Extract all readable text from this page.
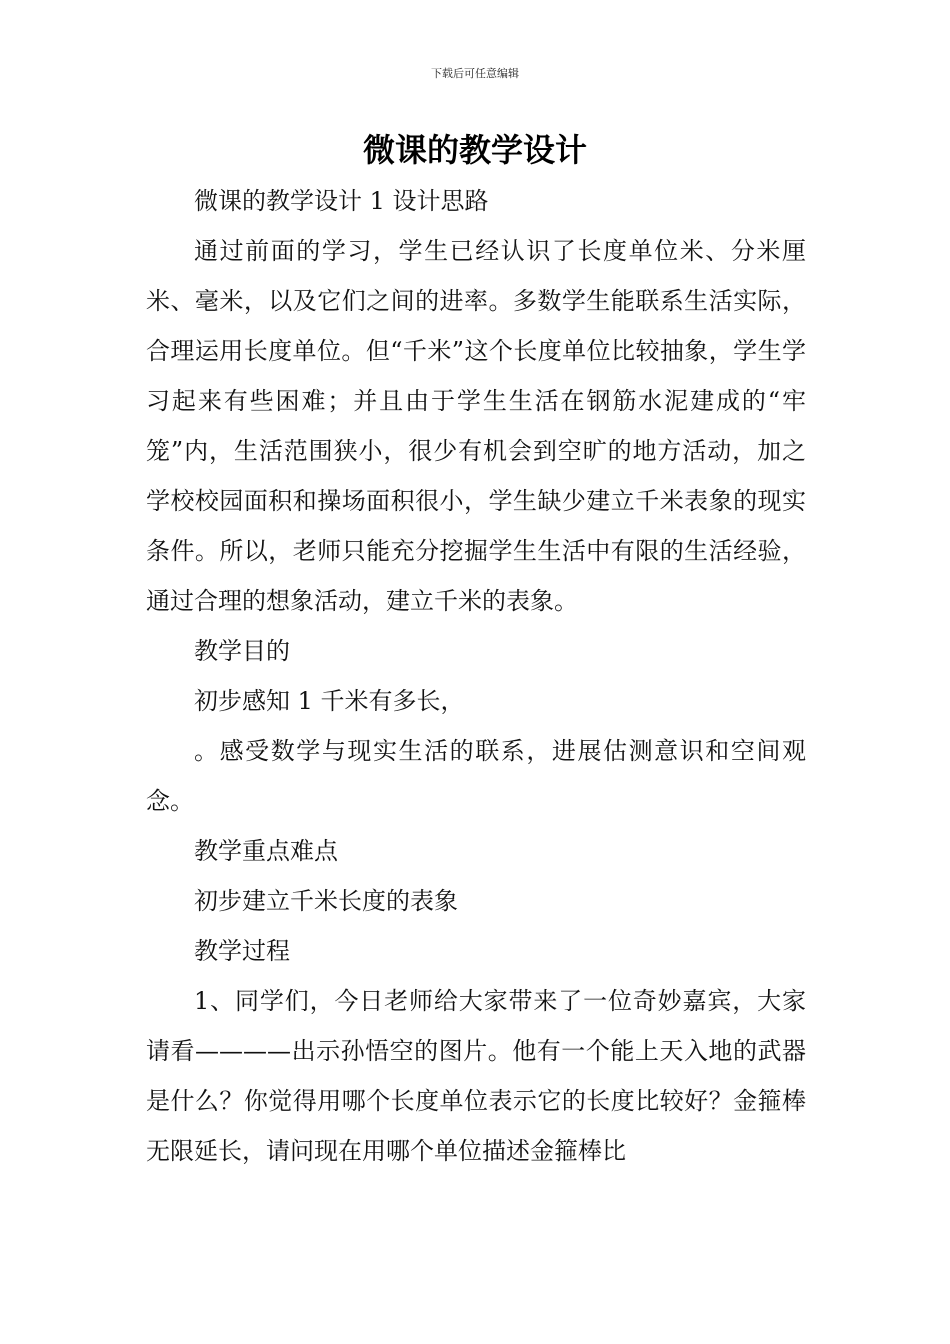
下载后可任意编辑
微课的教学设计

微课的教学设计 1 设计思路

通过前面的学习，学生已经认识了长度单位米、分米厘米、毫米，以及它们之间的进率。多数学生能联系生活实际，合理运用长度单位。但“千米”这个长度单位比较抽象，学生学习起来有些困难；并且由于学生生活在钢筋水泥建成的“牢笼”内，生活范围狭小，很少有机会到空旷的地方活动，加之学校校园面积和操场面积很小，学生缺少建立千米表象的现实条件。所以，老师只能充分挖掘学生生活中有限的生活经验，通过合理的想象活动，建立千米的表象。

教学目的

初步感知 1 千米有多长，

。感受数学与现实生活的联系，进展估测意识和空间观念。

教学重点难点

初步建立千米长度的表象

教学过程

1、同学们，今日老师给大家带来了一位奇妙嘉宾，大家请看————出示孙悟空的图片。他有一个能上天入地的武器是什么？你觉得用哪个长度单位表示它的长度比较好？金箍棒无限延长，请问现在用哪个单位描述金箍棒比
